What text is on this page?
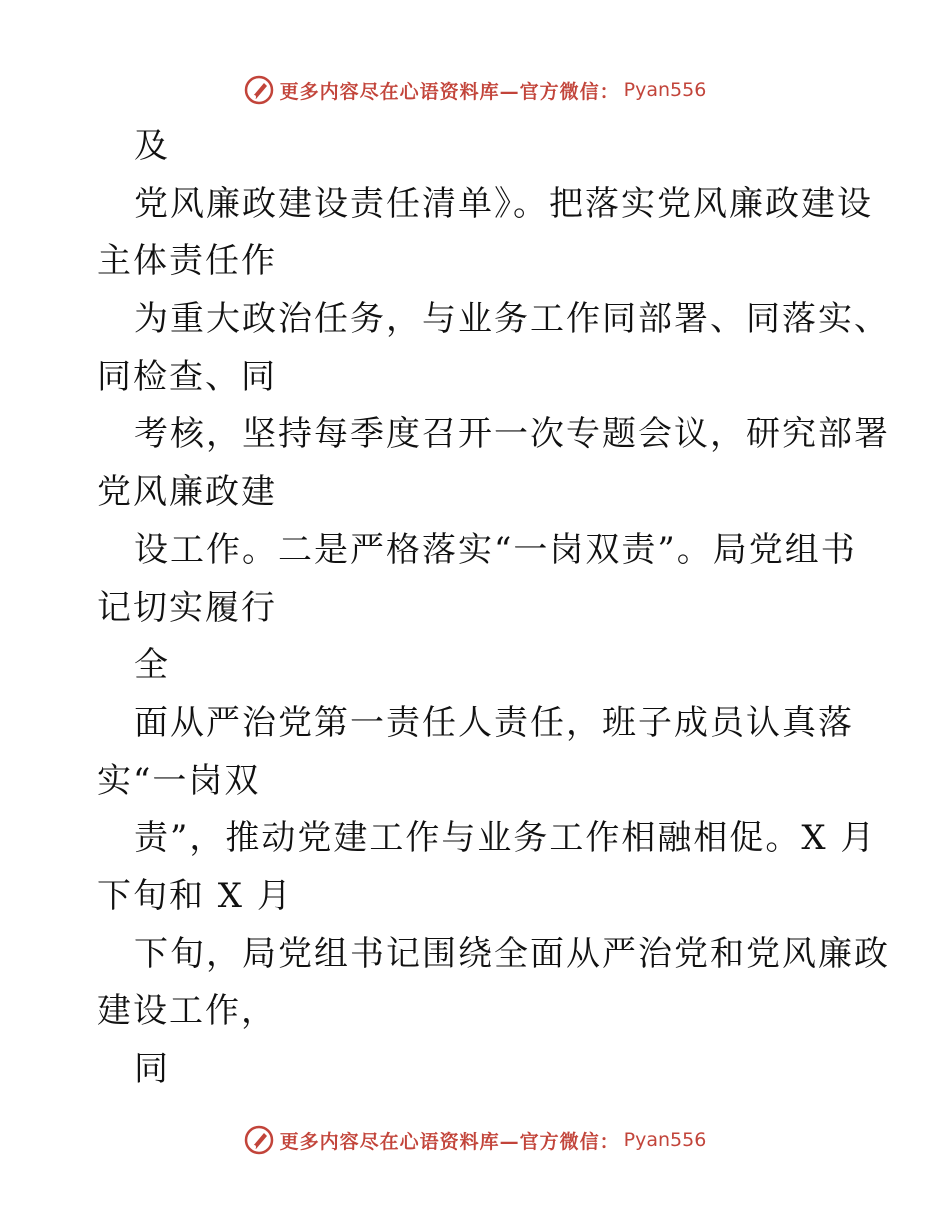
更多内容尽在心语资料库—官方微信： Pyan556
及
党风廉政建设责任清单》。把落实党风廉政建设
主体责任作
为重大政治任务，与业务工作同部署、同落实、
同检查、同
考核，坚持每季度召开一次专题会议，研究部署
党风廉政建
设工作。二是严格落实“一岗双责”。局党组书
记切实履行
全
面从严治党第一责任人责任，班子成员认真落
实“一岗双
责”，推动党建工作与业务工作相融相促。X 月
下旬和 X 月
下旬，局党组书记围绕全面从严治党和党风廉政
建设工作，
同
更多内容尽在心语资料库—官方微信： Pyan556
